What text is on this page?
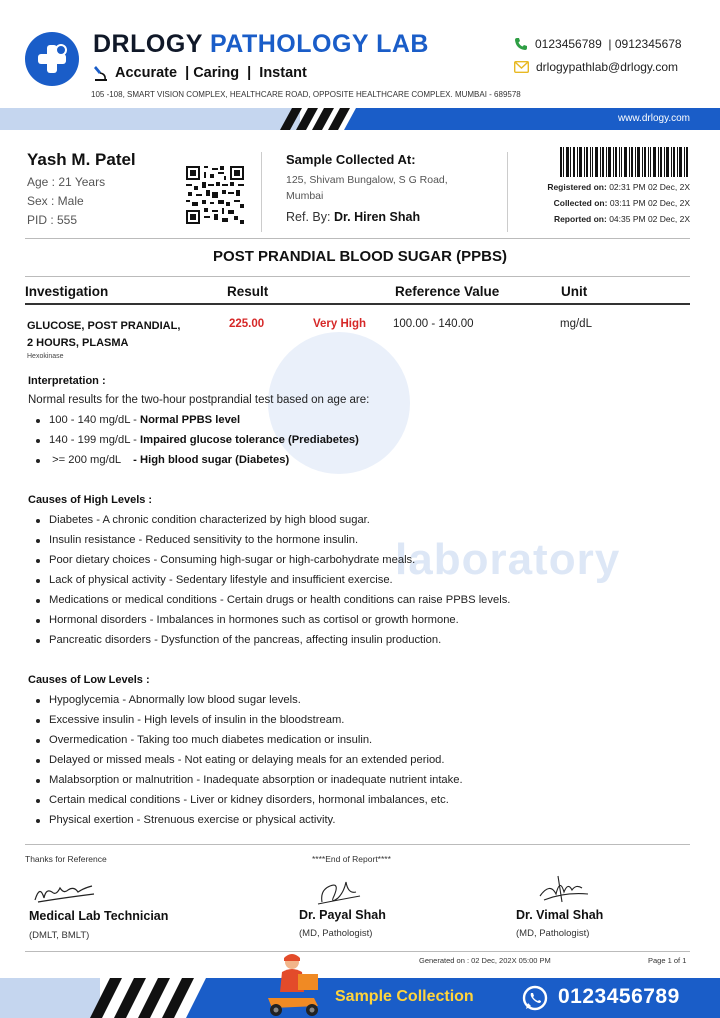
DRLOGY PATHOLOGY LAB
Accurate  | Caring  |  Instant
0123456789  | 0912345678
drlogypathlab@drlogy.com
105 -108, SMART VISION COMPLEX, HEALTHCARE ROAD, OPPOSITE HEALTHCARE COMPLEX. MUMBAI - 689578
www.drlogy.com
Yash M. Patel
Age : 21 Years
Sex : Male
PID : 555
Sample Collected At:
125, Shivam Bungalow, S G Road,
Mumbai
Ref. By: Dr. Hiren Shah
Registered on: 02:31 PM 02 Dec, 2X
Collected on: 03:11 PM 02 Dec, 2X
Reported on: 04:35 PM 02 Dec, 2X
laboratory
POST PRANDIAL BLOOD SUGAR (PPBS)
Investigation	Result	Reference Value	Unit
GLUCOSE, POST PRANDIAL,
2 HOURS, PLASMA
Hexokinase
225.00	Very High 100.00 - 140.00	mg/dL
Interpretation :
Normal results for the two-hour postprandial test based on age are:
100 - 140 mg/dL - Normal PPBS level
140 - 199 mg/dL - Impaired glucose tolerance (Prediabetes)
>= 200 mg/dL    - High blood sugar (Diabetes)
Causes of High Levels :
Diabetes - A chronic condition characterized by high blood sugar.
Insulin resistance - Reduced sensitivity to the hormone insulin.
Poor dietary choices - Consuming high-sugar or high-carbohydrate meals.
Lack of physical activity - Sedentary lifestyle and insufficient exercise.
Medications or medical conditions - Certain drugs or health conditions can raise PPBS levels.
Hormonal disorders - Imbalances in hormones such as cortisol or growth hormone.
Pancreatic disorders - Dysfunction of the pancreas, affecting insulin production.
Causes of Low Levels :
Hypoglycemia - Abnormally low blood sugar levels.
Excessive insulin - High levels of insulin in the bloodstream.
Overmedication - Taking too much diabetes medication or insulin.
Delayed or missed meals - Not eating or delaying meals for an extended period.
Malabsorption or malnutrition - Inadequate absorption or inadequate nutrient intake.
Certain medical conditions - Liver or kidney disorders, hormonal imbalances, etc.
Physical exertion - Strenuous exercise or physical activity.
Thanks for Reference	****End of Report****
Medical Lab Technician
(DMLT, BMLT)
Dr. Payal Shah
(MD, Pathologist)
Dr. Vimal Shah
(MD, Pathologist)
Generated on : 02 Dec, 202X 05:00 PM	Page 1 of 1
Sample Collection	0123456789
